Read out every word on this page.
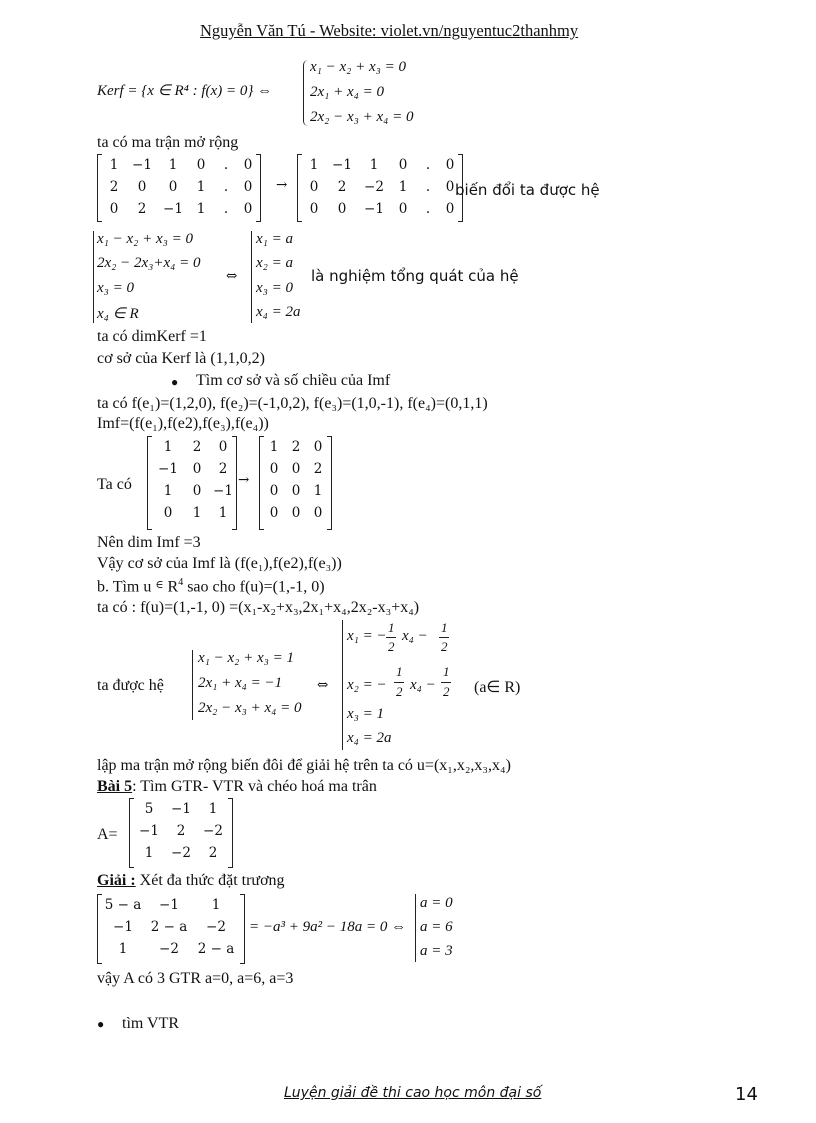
Nguyễn Văn Tú - Website: violet.vn/nguyentuc2thanhmy
Kerf = {x ∈ R⁴ : f(x) = 0} ⇔
x₁ − x₂ + x₃ = 0
2x₁ + x₄ = 0
2x₂ − x₃ + x₄ = 0
ta có ma trận mở rộng
1	−1	1	0	.	0
2	0	0	1	.	0
0	2	−1	1	.	0
→
1	−1	1	0	.	0
0	2	−2	1	.	0
0	0	−1	0	.	0
biến đổi ta được hệ
x₁ − x₂ + x₃ = 0
2x₂ − 2x₃+x₄ = 0
x₃ = 0
x₄ ∈ R
⇔
x₁ = a
x₂ = a
x₃ = 0
x₄ = 2a
là nghiệm tổng quát của hệ
ta có dimKerf =1
cơ sở của Kerf là (1,1,0,2)
● Tìm cơ sở và số chiều của Imf
ta có f(e₁)=(1,2,0), f(e₂)=(-1,0,2), f(e₃)=(1,0,-1), f(e₄)=(0,1,1)
Imf=(f(e₁),f(e2),f(e₃),f(e₄))
Ta có
1	2	0
−1	0	2
1	0	−1
0	1	1
→
1	2	0
0	0	2
0	0	1
0	0	0
Nên dim Imf =3
Vậy cơ sở của Imf là (f(e₁),f(e2),f(e₃))
b. Tìm u ∈ $R^4$ sao cho f(u)=(1,-1, 0)
ta có : f(u)=(1,-1, 0) =(x₁-x₂+x₃,2x₁+x₄,2x₂-x₃+x₄)
ta được hệ
x₁ − x₂ + x₃ = 1
2x₁ + x₄ = −1
2x₂ − x₃ + x₄ = 0
⇔
x₁ = −
1
2
x₄ −
1
2
x₂ = −
1
2 x₄ −
1
2
x₃ = 1
x₄ = 2a
(a∈ R)
lập ma trận mở rộng biến đôi để giải hệ trên ta có u=(x₁,x₂,x₃,x₄)
Bài 5: Tìm GTR- VTR và chéo hoá ma trân
A=
5	−1	1
−1	2	−2
1	−2	2
Giải : Xét đa thức đặt trương
5 − a	−1	1
−1	2 − a	−2
1	−2	2 − a
= −a³ + 9a² − 18a = 0 ⇔
a = 0
a = 6
a = 3
vậy A có 3 GTR a=0, a=6, a=3
● tìm VTR
Luyện giải đề thi cao học môn đại số	14
